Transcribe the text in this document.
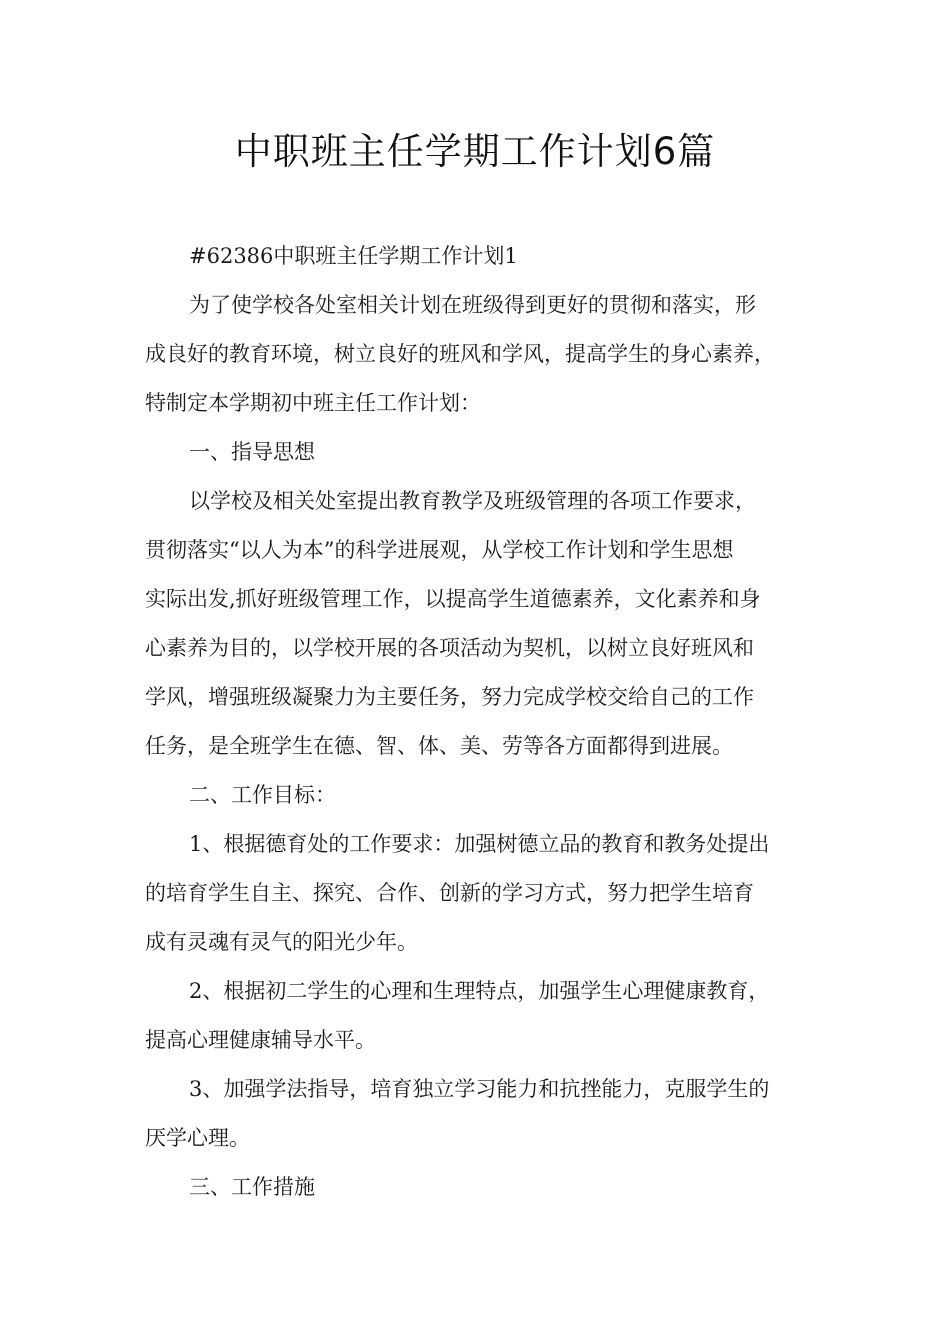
中职班主任学期工作计划6篇

#62386中职班主任学期工作计划1

为了使学校各处室相关计划在班级得到更好的贯彻和落实，形
成良好的教育环境，树立良好的班风和学风，提高学生的身心素养，
特制定本学期初中班主任工作计划：

一、指导思想

以学校及相关处室提出教育教学及班级管理的各项工作要求，
贯彻落实“以人为本”的科学进展观，从学校工作计划和学生思想
实际出发,抓好班级管理工作，以提高学生道德素养，文化素养和身
心素养为目的，以学校开展的各项活动为契机，以树立良好班风和
学风，增强班级凝聚力为主要任务，努力完成学校交给自己的工作
任务，是全班学生在德、智、体、美、劳等各方面都得到进展。

二、工作目标：

1、根据德育处的工作要求：加强树德立品的教育和教务处提出
的培育学生自主、探究、合作、创新的学习方式，努力把学生培育
成有灵魂有灵气的阳光少年。

2、根据初二学生的心理和生理特点，加强学生心理健康教育，
提高心理健康辅导水平。

3、加强学法指导，培育独立学习能力和抗挫能力，克服学生的
厌学心理。

三、工作措施
